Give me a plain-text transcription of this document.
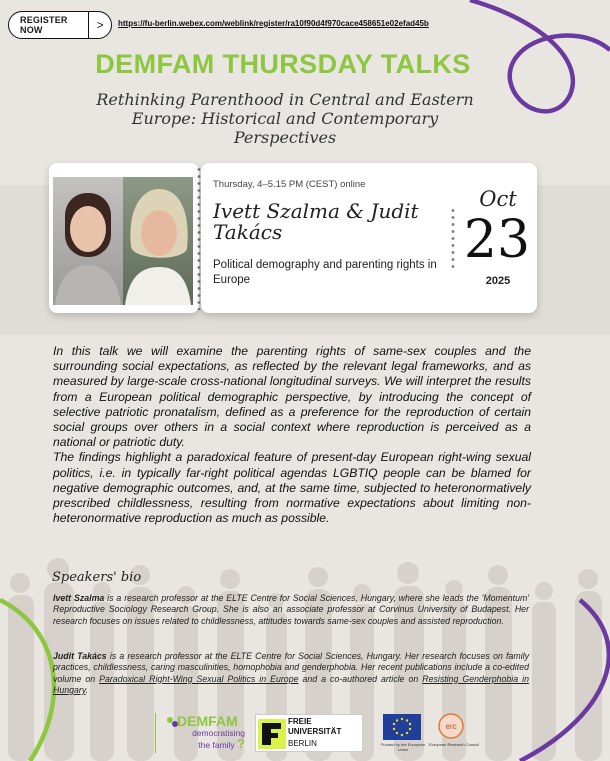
REGISTER NOW	>	https://fu-berlin.webex.com/weblink/register/ra10f90d4f970cace458651e02efad45b
DEMFAM THURSDAY TALKS
Rethinking Parenthood in Central and Eastern Europe: Historical and Contemporary Perspectives
Thursday, 4–5.15 PM (CEST) online
Ivett Szalma & Judit Takács
Political demography and parenting rights in Europe
Oct
23
2025

In this talk we will examine the parenting rights of same-sex couples and the surrounding social expectations, as reflected by the relevant legal frameworks, and as measured by large-scale cross-national longitudinal surveys. We will interpret the results from a European political demographic perspective, by introducing the concept of selective patriotic pronatalism, defined as a preference for the reproduction of certain social groups over others in a social context where reproduction is perceived as a national or patriotic duty.

The findings highlight a paradoxical feature of present-day European right-wing sexual politics, i.e. in typically far-right political agendas LGBTIQ people can be blamed for negative demographic outcomes, and, at the same time, subjected to heteronormatively prescribed childlessness, resulting from normative expectations about limiting non-heteronormative reproduction as much as possible.

Speakers' bio

Ivett Szalma is a research professor at the ELTE Centre for Social Sciences, Hungary, where she leads the 'Momentum' Reproductive Sociology Research Group. She is also an associate professor at Corvinus University of Budapest. Her research focuses on issues related to childlessness, attitudes towards same-sex couples and assisted reproduction.

Judit Takács is a research professor at the ELTE Centre for Social Sciences, Hungary. Her research focuses on family practices, childlessness, caring masculinities, homophobia and genderphobia. Her recent publications include a co-edited volume on Paradoxical Right-Wing Sexual Politics in Europe and a co-authored article on Resisting Genderphobia in Hungary.

DEMFAM
democratising
the family ?
FREIE
UNIVERSITÄT
BERLIN	Funded by the European Union
erc
European Research Council
